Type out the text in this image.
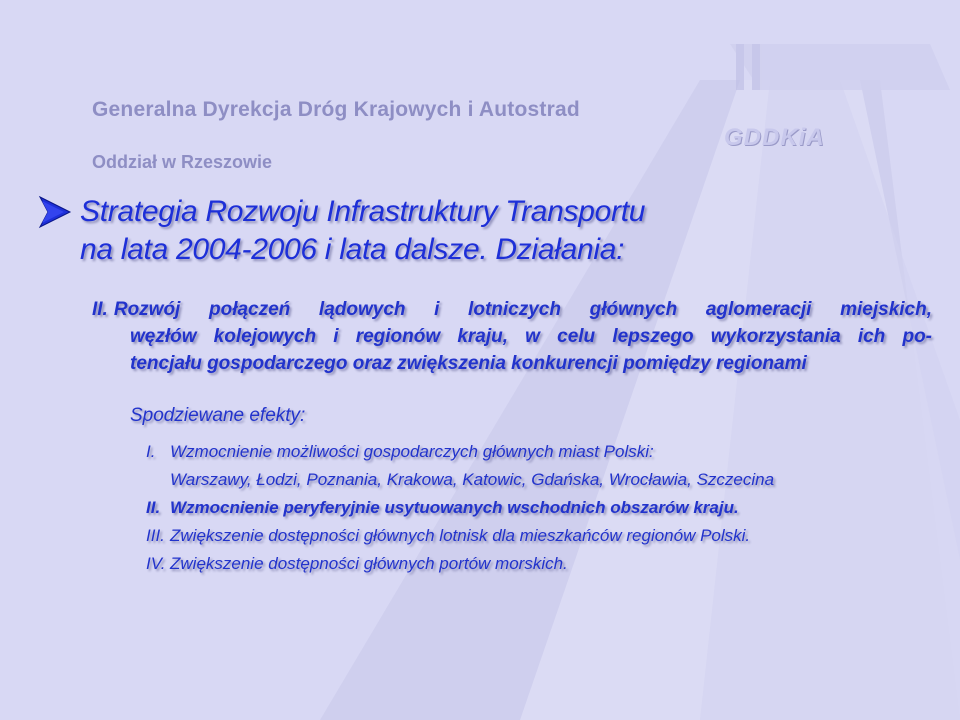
Generalna Dyrekcja Dróg Krajowych i Autostrad
GDDKiA
Oddział w Rzeszowie
Strategia Rozwoju Infrastruktury Transportu
na lata 2004-2006 i lata dalsze. Działania:
II. Rozwój połączeń lądowych i lotniczych głównych aglomeracji miejskich,
węzłów kolejowych i regionów kraju, w celu lepszego wykorzystania ich po-
tencjału gospodarczego oraz zwiększenia konkurencji pomiędzy regionami
Spodziewane efekty:
I. Wzmocnienie możliwości gospodarczych głównych miast Polski:
Warszawy, Łodzi, Poznania, Krakowa, Katowic, Gdańska, Wrocławia, Szczecina
II. Wzmocnienie peryferyjnie usytuowanych wschodnich obszarów kraju.
III. Zwiększenie dostępności głównych lotnisk dla mieszkańców regionów Polski.
IV. Zwiększenie dostępności głównych portów morskich.
